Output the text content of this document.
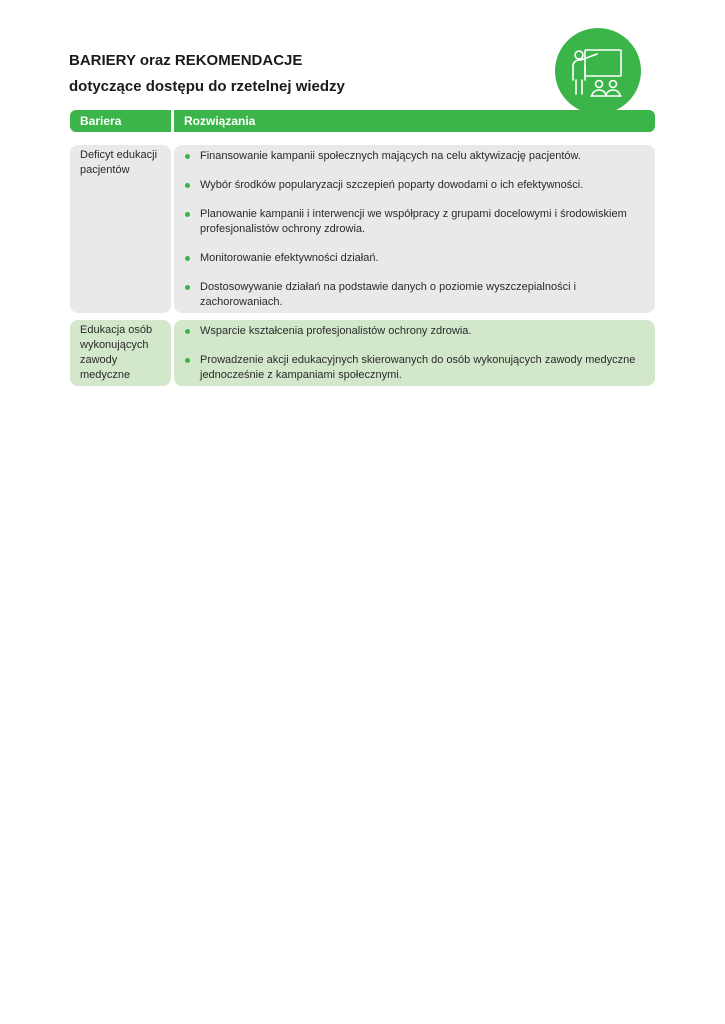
BARIERY oraz REKOMENDACJE
dotyczące dostępu do rzetelnej wiedzy
Bariera	Rozwiązania
Deficyt edukacji pacjentów
Finansowanie kampanii społecznych mających na celu aktywizację pacjentów.
Wybór środków popularyzacji szczepień poparty dowodami o ich efektywności.
Planowanie kampanii i interwencji we współpracy z grupami docelowymi i środowiskiem profesjonalistów ochrony zdrowia.
Monitorowanie efektywności działań.
Dostosowywanie działań na podstawie danych o poziomie wyszczepialności i zachorowaniach.
Edukacja osób wykonujących zawody medyczne
Wsparcie kształcenia profesjonalistów ochrony zdrowia.
Prowadzenie akcji edukacyjnych skierowanych do osób wykonujących zawody medyczne jednocześnie z kampaniami społecznymi.
